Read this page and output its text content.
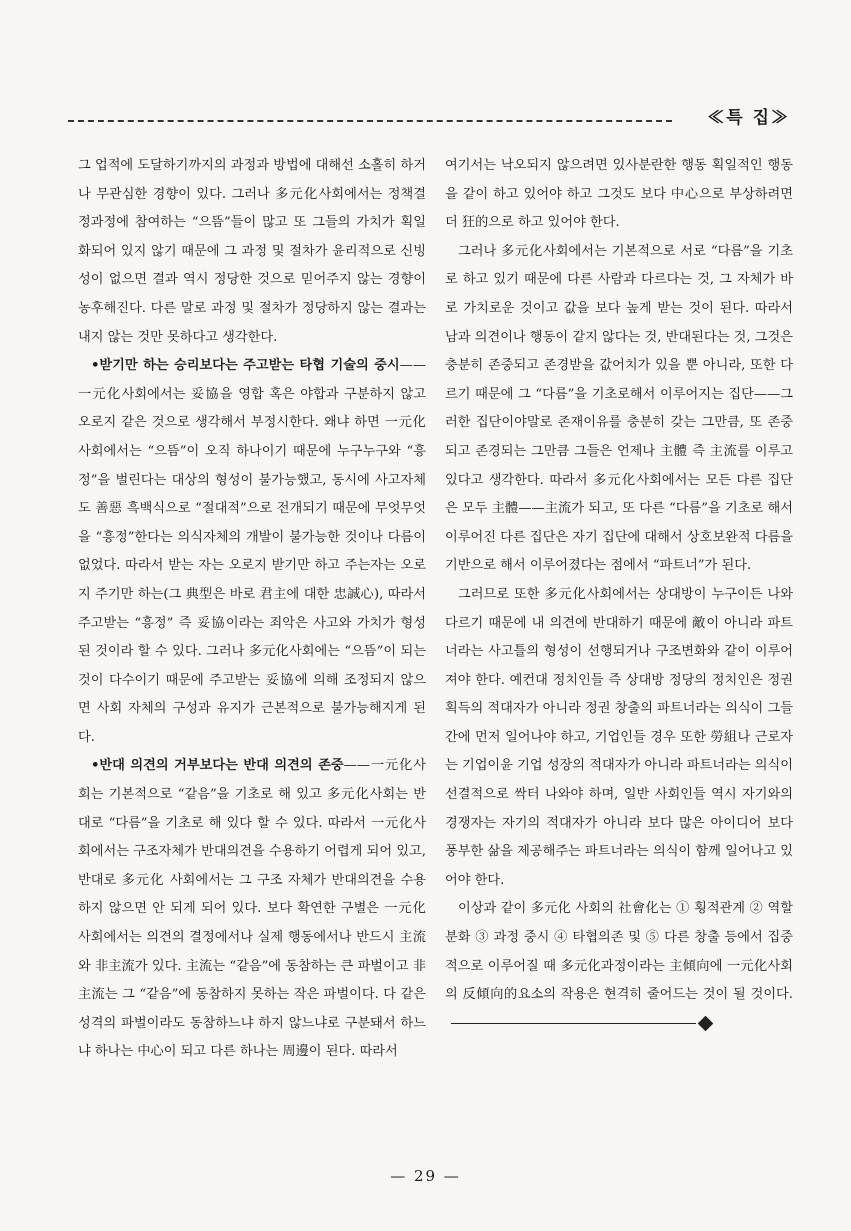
≪특 집≫

그 업적에 도달하기까지의 과정과 방법에 대해선 소홀히 하거나 무관심한 경향이 있다. 그러나 多元化사회에서는 정책결정과정에 참여하는 “으뜸”들이 많고 또 그들의 가치가 획일화되어 있지 않기 때문에 그 과정 및 절차가 윤리적으로 신빙성이 없으면 결과 역시 정당한 것으로 믿어주지 않는 경향이 농후해진다. 다른 말로 과정 및 절차가 정당하지 않는 결과는 내지 않는 것만 못하다고 생각한다.

•받기만 하는 승리보다는 주고받는 타협 기술의 중시——一元化사회에서는 妥協을 영합 혹은 야합과 구분하지 않고 오로지 같은 것으로 생각해서 부정시한다. 왜냐 하면 一元化사회에서는 “으뜸”이 오직 하나이기 때문에 누구누구와 “흥정”을 벌린다는 대상의 형성이 불가능했고, 동시에 사고자체도 善惡 흑백식으로 “절대적”으로 전개되기 때문에 무엇무엇을 “흥정”한다는 의식자체의 개발이 불가능한 것이나 다름이 없었다. 따라서 받는 자는 오로지 받기만 하고 주는자는 오로지 주기만 하는(그 典型은 바로 君主에 대한 忠誠心), 따라서 주고받는 “흥정” 즉 妥協이라는 죄악은 사고와 가치가 형성된 것이라 할 수 있다. 그러나 多元化사회에는 “으뜸”이 되는 것이 다수이기 때문에 주고받는 妥協에 의해 조정되지 않으면 사회 자체의 구성과 유지가 근본적으로 불가능해지게 된다.

•반대 의견의 거부보다는 반대 의견의 존중——一元化사회는 기본적으로 “같음”을 기초로 해 있고 多元化사회는 반대로 “다름”을 기초로 해 있다 할 수 있다. 따라서 一元化사회에서는 구조자체가 반대의견을 수용하기 어렵게 되어 있고, 반대로 多元化 사회에서는 그 구조 자체가 반대의견을 수용하지 않으면 안 되게 되어 있다. 보다 확연한 구별은 一元化사회에서는 의견의 결정에서나 실제 행동에서나 반드시 主流와 非主流가 있다. 主流는 “같음”에 동참하는 큰 파벌이고 非主流는 그 “같음”에 동참하지 못하는 작은 파벌이다. 다 같은 성격의 파벌이라도 동참하느냐 하지 않느냐로 구분돼서 하느냐 하나는 中心이 되고 다른 하나는 周邊이 된다. 따라서

여기서는 낙오되지 않으려면 있사분란한 행동 획일적인 행동을 같이 하고 있어야 하고 그것도 보다 中心으로 부상하려면 더 狂的으로 하고 있어야 한다.

그러나 多元化사회에서는 기본적으로 서로 “다름”을 기초로 하고 있기 때문에 다른 사람과 다르다는 것, 그 자체가 바로 가치로운 것이고 값을 보다 높게 받는 것이 된다. 따라서 남과 의견이나 행동이 같지 않다는 것, 반대된다는 것, 그것은 충분히 존중되고 존경받을 값어치가 있을 뿐 아니라, 또한 다르기 때문에 그 “다름”을 기초로해서 이루어지는 집단——그러한 집단이야말로 존재이유를 충분히 갖는 그만큼, 또 존중되고 존경되는 그만큼 그들은 언제나 主體 즉 主流를 이루고 있다고 생각한다. 따라서 多元化사회에서는 모든 다른 집단은 모두 主體——主流가 되고, 또 다른 “다름”을 기초로 해서 이루어진 다른 집단은 자기 집단에 대해서 상호보완적 다름을 기반으로 해서 이루어졌다는 점에서 “파트너”가 된다.

그러므로 또한 多元化사회에서는 상대방이 누구이든 나와 다르기 때문에 내 의견에 반대하기 때문에 敵이 아니라 파트너라는 사고틀의 형성이 선행되거나 구조변화와 같이 이루어져야 한다. 예컨대 정치인들 즉 상대방 정당의 정치인은 정권획득의 적대자가 아니라 정권 창출의 파트너라는 의식이 그들간에 먼저 일어나야 하고, 기업인들 경우 또한 勞組나 근로자는 기업이윤 기업 성장의 적대자가 아니라 파트너라는 의식이 선결적으로 싹터 나와야 하며, 일반 사회인들 역시 자기와의 경쟁자는 자기의 적대자가 아니라 보다 많은 아이디어 보다 풍부한 삶을 제공해주는 파트너라는 의식이 함께 일어나고 있어야 한다.

이상과 같이 多元化 사회의 社會化는 ① 횡적관계 ② 역할 분화 ③ 과정 중시 ④ 타협의존 및 ⑤ 다른 창출 등에서 집중적으로 이루어질 때 多元化과정이라는 主傾向에 一元化사회의 反傾向的요소의 작용은 현격히 줄어드는 것이 될 것이다.

— 29 —
